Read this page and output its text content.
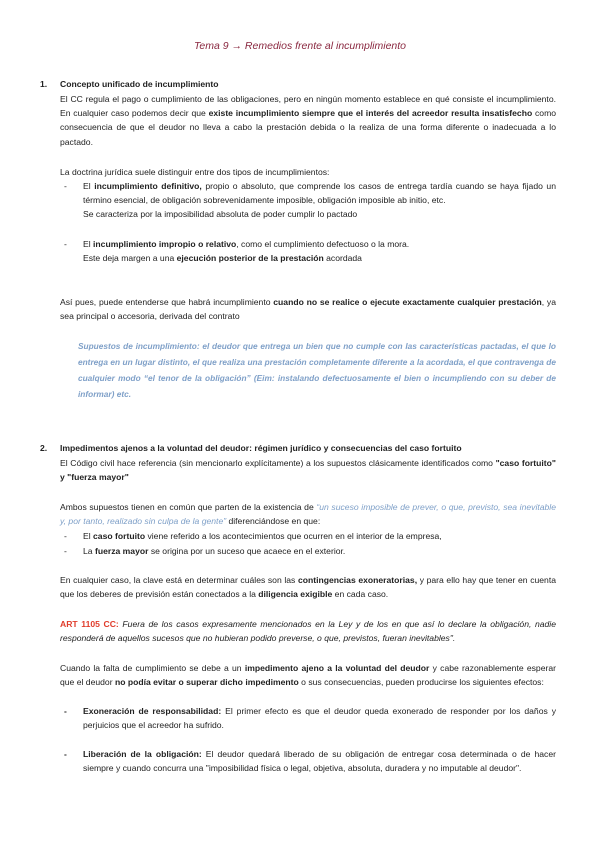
Tema 9 → Remedios frente al incumplimiento
1. Concepto unificado de incumplimiento
El CC regula el pago o cumplimiento de las obligaciones, pero en ningún momento establece en qué consiste el incumplimiento. En cualquier caso podemos decir que existe incumplimiento siempre que el interés del acreedor resulta insatisfecho como consecuencia de que el deudor no lleva a cabo la prestación debida o la realiza de una forma diferente o inadecuada a lo pactado.
La doctrina jurídica suele distinguir entre dos tipos de incumplimientos:
- El incumplimiento definitivo, propio o absoluto, que comprende los casos de entrega tardía cuando se haya fijado un término esencial, de obligación sobrevenidamente imposible, obligación imposible ab initio, etc.
Se caracteriza por la imposibilidad absoluta de poder cumplir lo pactado
- El incumplimiento impropio o relativo, como el cumplimiento defectuoso o la mora.
Este deja margen a una ejecución posterior de la prestación acordada
Así pues, puede entenderse que habrá incumplimiento cuando no se realice o ejecute exactamente cualquier prestación, ya sea principal o accesoria, derivada del contrato
Supuestos de incumplimiento: el deudor que entrega un bien que no cumple con las características pactadas, el que lo entrega en un lugar distinto, el que realiza una prestación completamente diferente a la acordada, el que contravenga de cualquier modo “el tenor de la obligación” (Eim: instalando defectuosamente el bien o incumpliendo con su deber de informar) etc.
2. Impedimentos ajenos a la voluntad del deudor: régimen jurídico y consecuencias del caso fortuito
El Código civil hace referencia (sin mencionarlo explícitamente) a los supuestos clásicamente identificados como "caso fortuito" y "fuerza mayor"
Ambos supuestos tienen en común que parten de la existencia de “un suceso imposible de prever, o que, previsto, sea inevitable y, por tanto, realizado sin culpa de la gente” diferenciándose en que:
- El caso fortuito viene referido a los acontecimientos que ocurren en el interior de la empresa,
- La fuerza mayor se origina por un suceso que acaece en el exterior.
En cualquier caso, la clave está en determinar cuáles son las contingencias exoneratorias, y para ello hay que tener en cuenta que los deberes de previsión están conectados a la diligencia exigible en cada caso.
ART 1105 CC: Fuera de los casos expresamente mencionados en la Ley y de los en que así lo declare la obligación, nadie responderá de aquellos sucesos que no hubieran podido preverse, o que, previstos, fueran inevitables".
Cuando la falta de cumplimiento se debe a un impedimento ajeno a la voluntad del deudor y cabe razonablemente esperar que el deudor no podía evitar o superar dicho impedimento o sus consecuencias, pueden producirse los siguientes efectos:
- Exoneración de responsabilidad: El primer efecto es que el deudor queda exonerado de responder por los daños y perjuicios que el acreedor ha sufrido.
- Liberación de la obligación: El deudor quedará liberado de su obligación de entregar cosa determinada o de hacer siempre y cuando concurra una "imposibilidad física o legal, objetiva, absoluta, duradera y no imputable al deudor".
